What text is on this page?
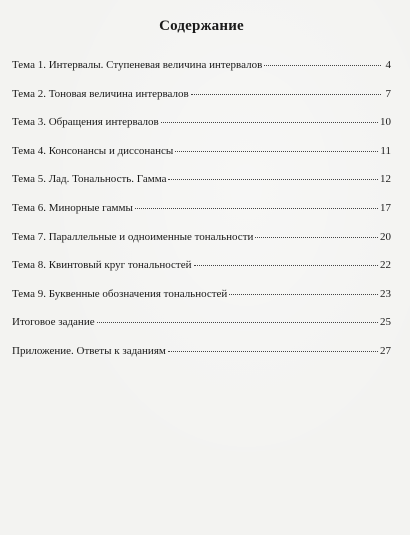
Содержание
Тема 1. Интервалы. Ступеневая величина интервалов	4
Тема 2. Тоновая величина интервалов	7
Тема 3. Обращения интервалов	10
Тема 4. Консонансы и диссонансы	11
Тема 5. Лад. Тональность. Гамма	12
Тема 6. Минорные гаммы	17
Тема 7. Параллельные и одноименные тональности	20
Тема 8. Квинтовый круг тональностей	22
Тема 9. Буквенные обозначения тональностей	23
Итоговое задание	25
Приложение. Ответы к заданиям	27
